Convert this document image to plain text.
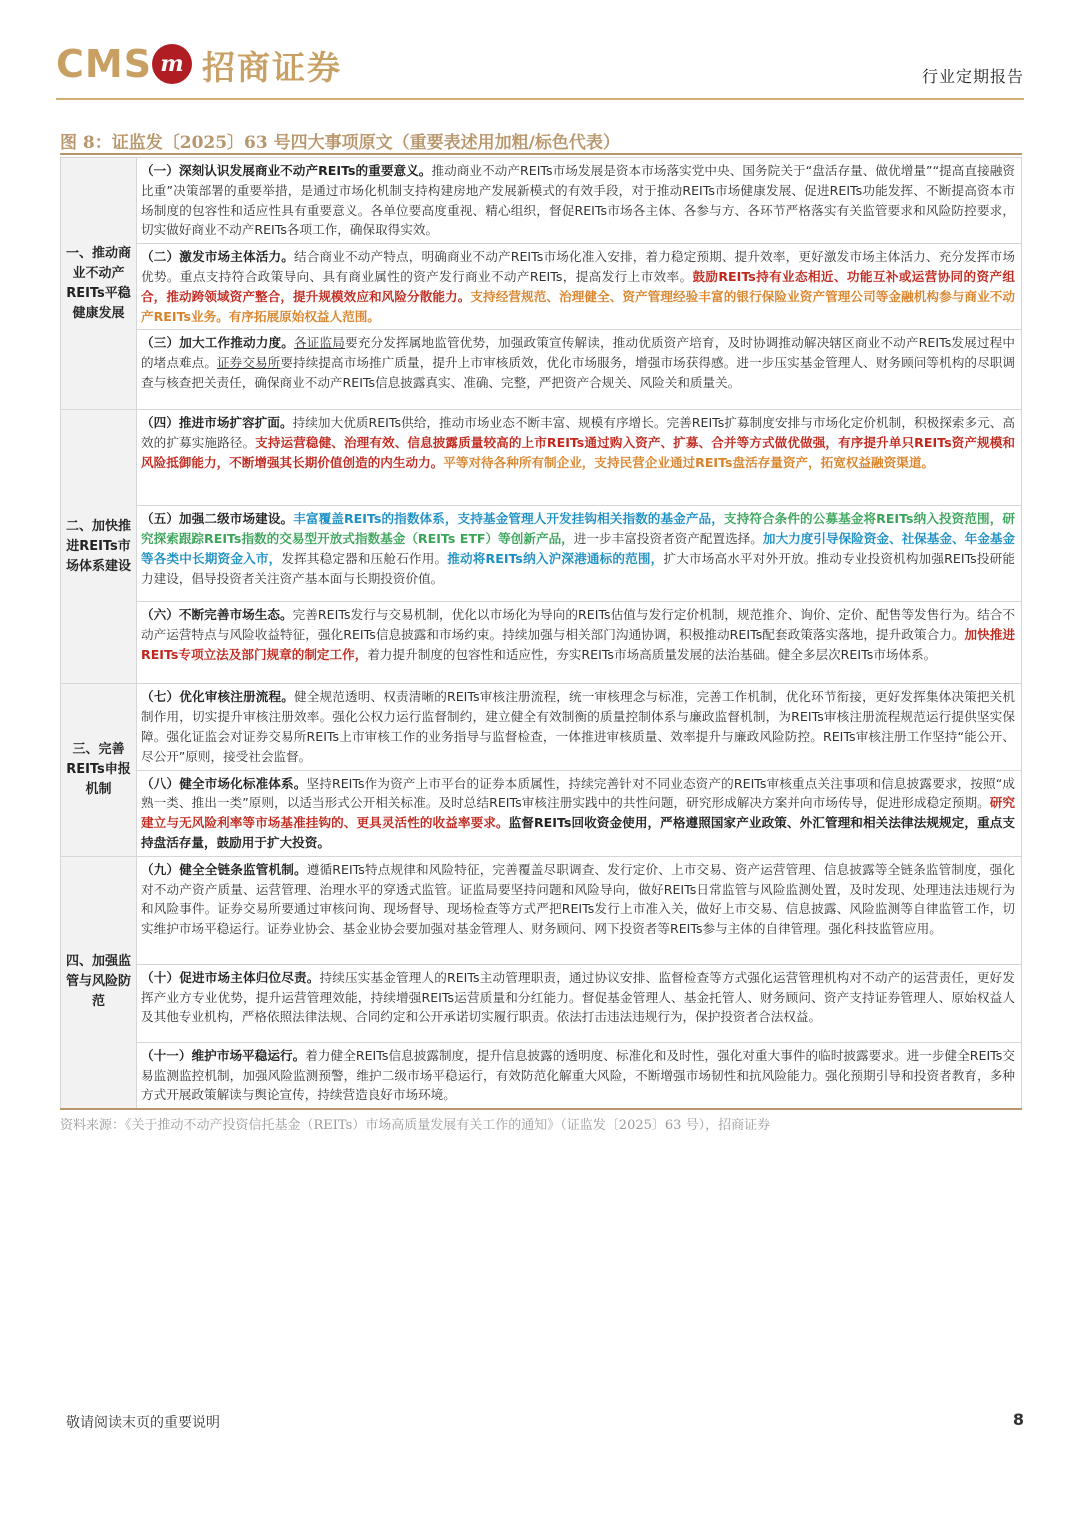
CMS m 招商证券	行业定期报告
图 8：证监发〔2025〕63 号四大事项原文（重要表述用加粗/标色代表）
一、推动商业不动产REITs平稳健康发展	（一）深刻认识发展商业不动产REITs的重要意义。推动商业不动产REITs市场发展是资本市场落实党中央、国务院关于“盘活存量、做优增量”“提高直接融资比重”决策部署的重要举措，是通过市场化机制支持构建房地产发展新模式的有效手段，对于推动REITs市场健康发展、促进REITs功能发挥、不断提高资本市场制度的包容性和适应性具有重要意义。各单位要高度重视、精心组织，督促REITs市场各主体、各参与方、各环节严格落实有关监管要求和风险防控要求，切实做好商业不动产REITs各项工作，确保取得实效。
	（二）激发市场主体活力。结合商业不动产特点，明确商业不动产REITs市场化准入安排，着力稳定预期、提升效率，更好激发市场主体活力、充分发挥市场优势。重点支持符合政策导向、具有商业属性的资产发行商业不动产REITs，提高发行上市效率。鼓励REITs持有业态相近、功能互补或运营协同的资产组合，推动跨领域资产整合，提升规模效应和风险分散能力。支持经营规范、治理健全、资产管理经验丰富的银行保险业资产管理公司等金融机构参与商业不动产REITs业务。有序拓展原始权益人范围。
	（三）加大工作推动力度。各证监局要充分发挥属地监管优势，加强政策宣传解读，推动优质资产培育，及时协调推动解决辖区商业不动产REITs发展过程中的堵点难点。证券交易所要持续提高市场推广质量，提升上市审核质效，优化市场服务，增强市场获得感。进一步压实基金管理人、财务顾问等机构的尽职调查与核查把关责任，确保商业不动产REITs信息披露真实、准确、完整，严把资产合规关、风险关和质量关。
二、加快推进REITs市场体系建设	（四）推进市场扩容扩面。持续加大优质REITs供给，推动市场业态不断丰富、规模有序增长。完善REITs扩募制度安排与市场化定价机制，积极探索多元、高效的扩募实施路径。支持运营稳健、治理有效、信息披露质量较高的上市REITs通过购入资产、扩募、合并等方式做优做强，有序提升单只REITs资产规模和风险抵御能力，不断增强其长期价值创造的内生动力。平等对待各种所有制企业，支持民营企业通过REITs盘活存量资产，拓宽权益融资渠道。
	（五）加强二级市场建设。丰富覆盖REITs的指数体系，支持基金管理人开发挂钩相关指数的基金产品，支持符合条件的公募基金将REITs纳入投资范围，研究探索跟踪REITs指数的交易型开放式指数基金（REITs ETF）等创新产品，进一步丰富投资者资产配置选择。加大力度引导保险资金、社保基金、年金基金等各类中长期资金入市，发挥其稳定器和压舱石作用。推动将REITs纳入沪深港通标的范围，扩大市场高水平对外开放。推动专业投资机构加强REITs投研能力建设，倡导投资者关注资产基本面与长期投资价值。
	（六）不断完善市场生态。完善REITs发行与交易机制，优化以市场化为导向的REITs估值与发行定价机制，规范推介、询价、定价、配售等发售行为。结合不动产运营特点与风险收益特征，强化REITs信息披露和市场约束。持续加强与相关部门沟通协调，积极推动REITs配套政策落实落地，提升政策合力。加快推进REITs专项立法及部门规章的制定工作，着力提升制度的包容性和适应性，夯实REITs市场高质量发展的法治基础。健全多层次REITs市场体系。
三、完善REITs申报机制	（七）优化审核注册流程。健全规范透明、权责清晰的REITs审核注册流程，统一审核理念与标准，完善工作机制，优化环节衔接，更好发挥集体决策把关机制作用，切实提升审核注册效率。强化公权力运行监督制约，建立健全有效制衡的质量控制体系与廉政监督机制，为REITs审核注册流程规范运行提供坚实保障。强化证监会对证券交易所REITs上市审核工作的业务指导与监督检查，一体推进审核质量、效率提升与廉政风险防控。REITs审核注册工作坚持“能公开、尽公开”原则，接受社会监督。
	（八）健全市场化标准体系。坚持REITs作为资产上市平台的证券本质属性，持续完善针对不同业态资产的REITs审核重点关注事项和信息披露要求，按照“成熟一类、推出一类”原则，以适当形式公开相关标准。及时总结REITs审核注册实践中的共性问题，研究形成解决方案并向市场传导，促进形成稳定预期。研究建立与无风险利率等市场基准挂钩的、更具灵活性的收益率要求。监督REITs回收资金使用，严格遵照国家产业政策、外汇管理和相关法律法规规定，重点支持盘活存量，鼓励用于扩大投资。
四、加强监管与风险防范	（九）健全全链条监管机制。遵循REITs特点规律和风险特征，完善覆盖尽职调查、发行定价、上市交易、资产运营管理、信息披露等全链条监管制度，强化对不动产资产质量、运营管理、治理水平的穿透式监管。证监局要坚持问题和风险导向，做好REITs日常监管与风险监测处置，及时发现、处理违法违规行为和风险事件。证券交易所要通过审核问询、现场督导、现场检查等方式严把REITs发行上市准入关，做好上市交易、信息披露、风险监测等自律监管工作，切实维护市场平稳运行。证券业协会、基金业协会要加强对基金管理人、财务顾问、网下投资者等REITs参与主体的自律管理。强化科技监管应用。
	（十）促进市场主体归位尽责。持续压实基金管理人的REITs主动管理职责，通过协议安排、监督检查等方式强化运营管理机构对不动产的运营责任，更好发挥产业方专业优势，提升运营管理效能，持续增强REITs运营质量和分红能力。督促基金管理人、基金托管人、财务顾问、资产支持证券管理人、原始权益人及其他专业机构，严格依照法律法规、合同约定和公开承诺切实履行职责。依法打击违法违规行为，保护投资者合法权益。
	（十一）维护市场平稳运行。着力健全REITs信息披露制度，提升信息披露的透明度、标准化和及时性，强化对重大事件的临时披露要求。进一步健全REITs交易监测监控机制，加强风险监测预警，维护二级市场平稳运行，有效防范化解重大风险，不断增强市场韧性和抗风险能力。强化预期引导和投资者教育，多种方式开展政策解读与舆论宣传，持续营造良好市场环境。
资料来源：《关于推动不动产投资信托基金（REITs）市场高质量发展有关工作的通知》（证监发〔2025〕63 号），招商证券
敬请阅读末页的重要说明	8
